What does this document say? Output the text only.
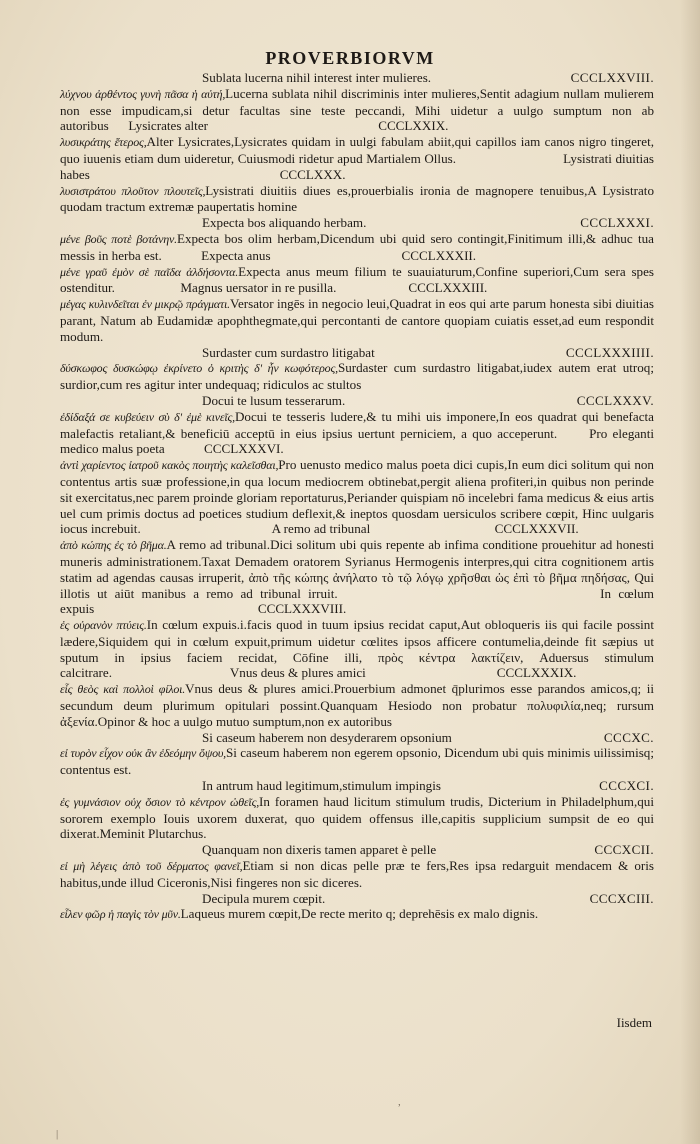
PROVERBIORVM
Sublata lucerna nihil interest inter mulieres.	CCCLXXVIII.

λύχνου ἀρθέντος γυνὴ πᾶσα ἡ αὐτή,Lucerna sublata nihil discriminis inter mulieres,Sentit adagium nullam mulierem non esse impudicam,si detur facultas sine teste peccandi, Mihi uidetur a uulgo sumptum non ab autoribus Lysicrates alter	CCCLXXIX.

λυσικράτης ἕτερος,Alter Lysicrates,Lysicrates quidam in uulgi fabulam abiit,qui capillos iam canos nigro tingeret, quo iuuenis etiam dum uideretur, Cuiusmodi ridetur apud Martialem Ollus.	Lysistrati diuitias habes	CCCLXXX.

λυσιστράτου πλοῦτον πλουτεῖς,Lysistrati diuitiis diues es,prouerbialis ironia de magnopere tenuibus,A Lysistrato quodam tractum extremæ paupertatis homine

Expecta bos aliquando herbam.	CCCLXXXI.

μένε βοῦς ποτὲ βοτάνην.Expecta bos olim herbam,Dicendum ubi quid sero contingit,Finitimum illi,& adhuc tua messis in herba est.	Expecta anus	CCCLXXXII.

μένε γραῦ ἐμὸν σὲ παῖδα ἀλδήσοντα.Expecta anus meum filium te suauiaturum,Confine superiori,Cum sera spes ostenditur.	Magnus uersator in re pusilla.	CCCLXXXIII.

μέγας κυλινδεῖται ἐν μικρῷ πράγματι.Versator ingēs in negocio leui,Quadrat in eos qui arte parum honesta sibi diuitias parant, Natum ab Eudamidæ apophthegmate,qui percontanti de cantore quopiam cuiatis esset,ad eum respondit modum.

Surdaster cum surdastro litigabat	CCCLXXXIIII.

δύσκωφος δυσκώφῳ ἐκρίνετο ὁ κριτὴς δ' ἦν κωφότερος,Surdaster cum surdastro litigabat,iudex autem erat utroq; surdior,cum res agitur inter undequaq; ridiculos ac stultos

Docui te lusum tesserarum.	CCCLXXXV.

ἐδίδαξά σε κυβεύειν σὺ δ' ἐμὲ κινεῖς,Docui te tesseris ludere,& tu mihi uis imponere,In eos quadrat qui benefacta malefactis retaliant,& beneficiū acceptū in eius ipsius uertunt perniciem, a quo acceperunt. Pro eleganti medico malus poeta	CCCLXXXVI.

ἀντὶ χαρίεντος ἰατροῦ κακὸς ποιητὴς καλεῖσθαι,Pro uenusto medico malus poeta dici cupis,In eum dici solitum qui non contentus artis suæ professione,in qua locum mediocrem obtinebat,pergit aliena profiteri,in quibus non perinde sit exercitatus,nec parem proinde gloriam reportaturus,Periander quispiam nō incelebri fama medicus & eius artis uel cum primis doctus ad poetices studium deflexit,& ineptos quosdam uersiculos scribere cœpit, Hinc uulgaris iocus increbuit.	A remo ad tribunal	CCCLXXXVII.

ἀπὸ κώπης ἐς τὸ βῆμα.A remo ad tribunal.Dici solitum ubi quis repente ab infima conditione prouehitur ad honesti muneris administrationem.Taxat Demadem oratorem Syrianus Hermogenis interpres,qui citra cognitionem artis statim ad agendas causas irruperit, ἀπὸ τῆς κώπης ἀνήλατο τὸ τῷ λόγῳ χρῆσθαι ὡς ἐπὶ τὸ βῆμα πηδήσας, Qui illotis ut aiūt manibus a remo ad tribunal irruit.	In cœlum expuis	CCCLXXXVIII.

ἐς οὐρανὸν πτύεις.In cœlum expuis.i.facis quod in tuum ipsius recidat caput,Aut obloqueris iis qui facile possint lædere,Siquidem qui in cœlum expuit,primum uidetur cœlites ipsos afficere contumelia,deinde fit sæpius ut sputum in ipsius faciem recidat, Cōfine illi, πρὸς κέντρα λακτίζειν, Aduersus stimulum calcitrare.	Vnus deus & plures amici	CCCLXXXIX.

εἷς θεὸς καὶ πολλοὶ φίλοι.Vnus deus & plures amici.Prouerbium admonet q̄plurimos esse parandos amicos,q; ii secundum deum plurimum opitulari possint.Quanquam Hesiodo non probatur πολυφιλία,neq; rursum ἀξενία.Opinor & hoc a uulgo mutuo sumptum,non ex autoribus

Si caseum haberem non desyderarem opsonium	CCCXC.

εἰ τυρὸν εἶχον οὐκ ἂν ἐδεόμην ὄψου,Si caseum haberem non egerem opsonio, Dicendum ubi quis minimis uilissimisq; contentus est.

In antrum haud legitimum,stimulum impingis	CCCXCI.

ἐς γυμνάσιον οὐχ ὅσιον τὸ κέντρον ὠθεῖς,In foramen haud licitum stimulum trudis, Dicterium in Philadelphum,qui sororem exemplo Iouis uxorem duxerat, quo quidem offensus ille,capitis supplicium sumpsit de eo qui dixerat.Meminit Plutarchus.

Quanquam non dixeris tamen apparet è pelle	CCCXCII.

εἰ μὴ λέγεις ἀπὸ τοῦ δέρματος φανεῖ,Etiam si non dicas pelle præ te fers,Res ipsa redarguit mendacem & oris habitus,unde illud Ciceronis,Nisi fingeres non sic diceres.

Decipula murem cœpit.	CCCXCIII.

εἷλεν φῶρ ἡ παγὶς τὸν μῦν.Laqueus murem cœpit,De recte merito q; deprehēsis ex malo dignis.

Iisdem
|
,
